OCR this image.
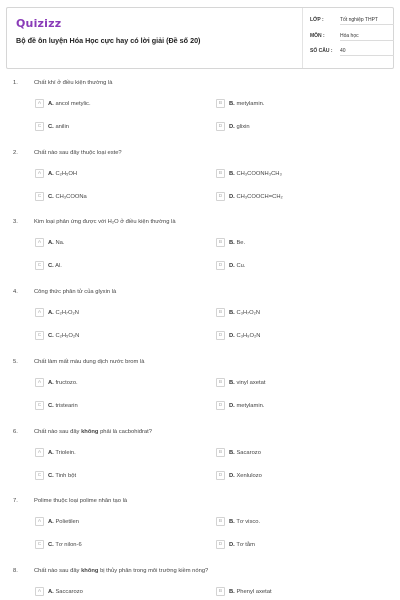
Quizizz
Bộ đề ôn luyện Hóa Học cực hay có lời giải (Đề số 20)
LỚP :	Tốt nghiệp THPT
MÔN :	Hóa học
SỐ CÂU :	40
1.	Chất khí ở điều kiện thường là
A	A. ancol metylic.	B	B. metylamin.
C	C. anilin	D	D. glixin
2.	Chất nào sau đây thuộc loại este?
A	A. C₂H₅OH	B	B. CH₃COONH₃CH₃
C	C. CH₃COONa	D	D. CH₃COOCH=CH₂
3.	Kim loại phản ứng được với H₂O ở điều kiện thường là
A	A. Na.	B	B. Be.
C	C. Al.	D	D. Cu.
4.	Công thức phân tử của glyxin là
A	A. C₂H₇O₂N	B	B. C₃H₇O₂N
C	C. C₂H₅O₂N	D	D. C₃H₉O₂N
5.	Chất làm mất màu dung dịch nước brom là
A	A. fructozo.	B	B. vinyl axetat
C	C. tristearin	D	D. metylamin.
6.	Chất nào sau đây không phải là cacbohiđrat?
A	A. Triolein.	B	B. Sacarozo
C	C. Tinh bột	D	D. Xenlulozo
7.	Polime thuộc loại polime nhân tạo là
A	A. Polietilen	B	B. Tơ visco.
C	C. Tơ nilon-6	D	D. Tơ tằm
8.	Chất nào sau đây không bị thủy phân trong môi trường kiềm nóng?
A	A. Saccarozo	B	B. Phenyl axetat
